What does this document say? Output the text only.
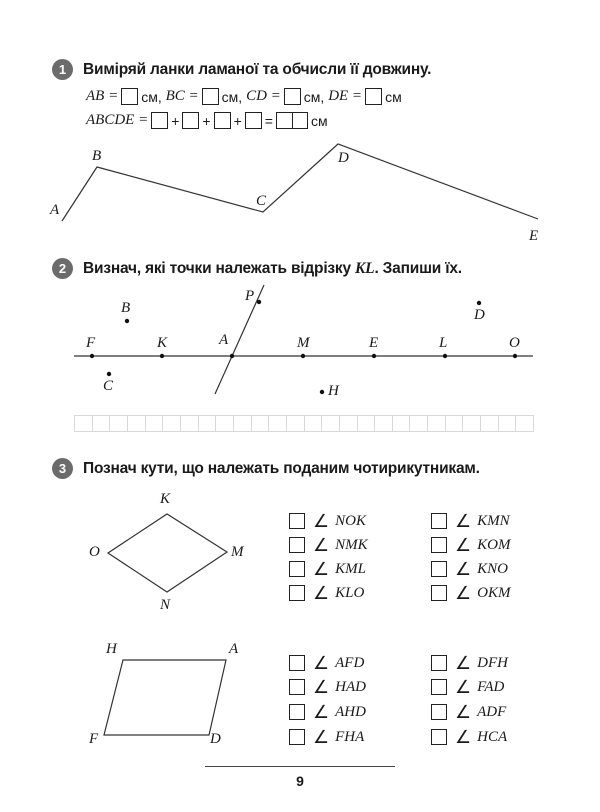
1	Виміряй ланки ламаної та обчисли її довжину.
AB = см,
BC = см,
CD = см,
DE = см
ABCDE = + + + =	см
A
B
C
D
E
2	Визнач, які точки належать відрізку KL. Запиши їх.
B
P
D
F	K	A	M	E	L	O
C	H
3	Познач кути, що належать поданим чотирикутникам.
K
O	M
N
H	A
F	D
∠ NOK
∠ NMK
∠ KML
∠ KLO
∠ KMN
∠ KOM
∠ KNO
∠ OKM
∠ AFD
∠ HAD
∠ AHD
∠ FHA
∠ DFH
∠ FAD
∠ ADF
∠ HCA
9
